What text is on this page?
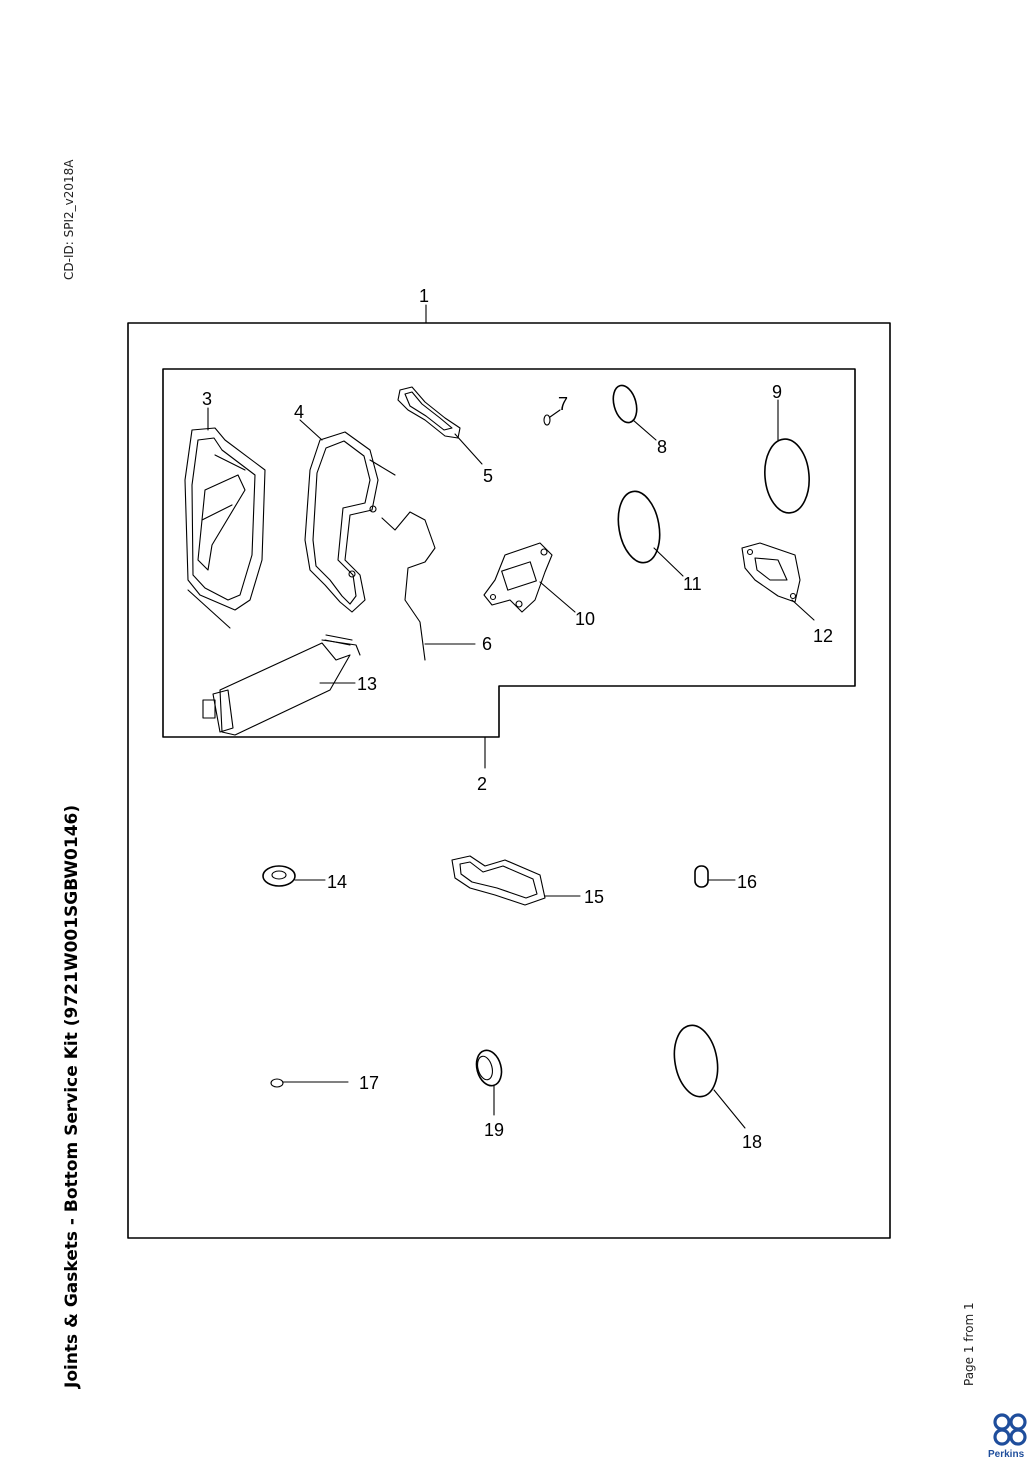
CD-ID: SPI2_v2018A
Joints & Gaskets - Bottom Service Kit (9721W001SGBW0146)	Page 1 from 1
1
2
3
4
5
6
7
8
9
10
11
12
13
14
15
16
17
18
19
Perkins
